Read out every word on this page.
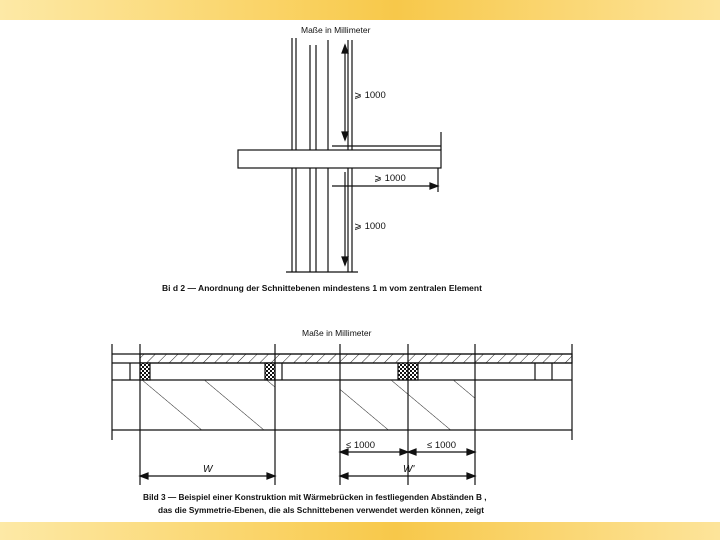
Maße in Millimeter
⩾ 1000
⩾ 1000
⩾ 1000
Bi d 2 — Anordnung der Schnittebenen mindestens 1 m vom zentralen Element
Maße in Millimeter
≤ 1000	≤ 1000
W	W'
Bild 3 — Beispiel einer Konstruktion mit Wärmebrücken in festliegenden Abständen B ,
das die Symmetrie-Ebenen, die als Schnittebenen verwendet werden können, zeigt
